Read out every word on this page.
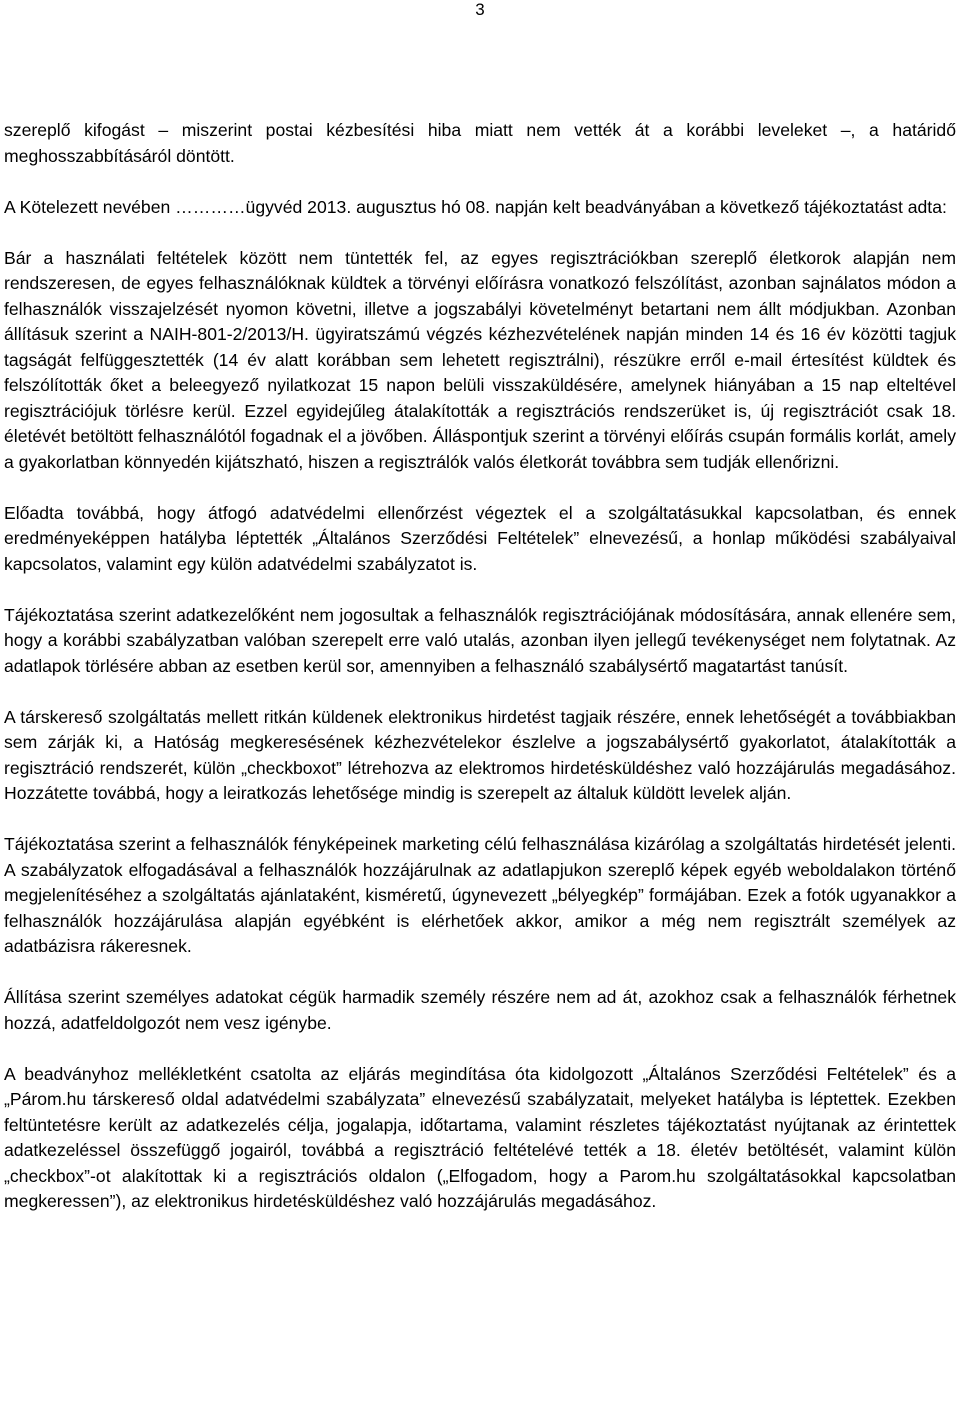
3

szereplő kifogást – miszerint postai kézbesítési hiba miatt nem vették át a korábbi leveleket –, a határidő meghosszabbításáról döntött.

A Kötelezett nevében …………ügyvéd 2013. augusztus hó 08. napján kelt beadványában a következő tájékoztatást adta:

Bár a használati feltételek között nem tüntették fel, az egyes regisztrációkban szereplő életkorok alapján nem rendszeresen, de egyes felhasználóknak küldtek a törvényi előírásra vonatkozó felszólítást, azonban sajnálatos módon a felhasználók visszajelzését nyomon követni, illetve a jogszabályi követelményt betartani nem állt módjukban. Azonban állításuk szerint a NAIH-801-2/2013/H. ügyiratszámú végzés kézhezvételének napján minden 14 és 16 év közötti tagjuk tagságát felfüggesztették (14 év alatt korábban sem lehetett regisztrálni), részükre erről e-mail értesítést küldtek és felszólították őket a beleegyező nyilatkozat 15 napon belüli visszaküldésére, amelynek hiányában a 15 nap elteltével regisztrációjuk törlésre kerül. Ezzel egyidejűleg átalakították a regisztrációs rendszerüket is, új regisztrációt csak 18. életévét betöltött felhasználótól fogadnak el a jövőben. Álláspontjuk szerint a törvényi előírás csupán formális korlát, amely a gyakorlatban könnyedén kijátszható, hiszen a regisztrálók valós életkorát továbbra sem tudják ellenőrizni.

Előadta továbbá, hogy átfogó adatvédelmi ellenőrzést végeztek el a szolgáltatásukkal kapcsolatban, és ennek eredményeképpen hatályba léptették „Általános Szerződési Feltételek” elnevezésű, a honlap működési szabályaival kapcsolatos, valamint egy külön adatvédelmi szabályzatot is.

Tájékoztatása szerint adatkezelőként nem jogosultak a felhasználók regisztrációjának módosítására, annak ellenére sem, hogy a korábbi szabályzatban valóban szerepelt erre való utalás, azonban ilyen jellegű tevékenységet nem folytatnak. Az adatlapok törlésére abban az esetben kerül sor, amennyiben a felhasználó szabálysértő magatartást tanúsít.

A társkereső szolgáltatás mellett ritkán küldenek elektronikus hirdetést tagjaik részére, ennek lehetőségét a továbbiakban sem zárják ki, a Hatóság megkeresésének kézhezvételekor észlelve a jogszabálysértő gyakorlatot, átalakították a regisztráció rendszerét, külön „checkboxot” létrehozva az elektromos hirdetésküldéshez való hozzájárulás megadásához. Hozzátette továbbá, hogy a leiratkozás lehetősége mindig is szerepelt az általuk küldött levelek alján.

Tájékoztatása szerint a felhasználók fényképeinek marketing célú felhasználása kizárólag a szolgáltatás hirdetését jelenti. A szabályzatok elfogadásával a felhasználók hozzájárulnak az adatlapjukon szereplő képek egyéb weboldalakon történő megjelenítéséhez a szolgáltatás ajánlataként, kisméretű, úgynevezett „bélyegkép” formájában. Ezek a fotók ugyanakkor a felhasználók hozzájárulása alapján egyébként is elérhetőek akkor, amikor a még nem regisztrált személyek az adatbázisra rákeresnek.

Állítása szerint személyes adatokat cégük harmadik személy részére nem ad át, azokhoz csak a felhasználók férhetnek hozzá, adatfeldolgozót nem vesz igénybe.

A beadványhoz mellékletként csatolta az eljárás megindítása óta kidolgozott „Általános Szerződési Feltételek” és a „Párom.hu társkereső oldal adatvédelmi szabályzata” elnevezésű szabályzatait, melyeket hatályba is léptettek. Ezekben feltüntetésre került az adatkezelés célja, jogalapja, időtartama, valamint részletes tájékoztatást nyújtanak az érintettek adatkezeléssel összefüggő jogairól, továbbá a regisztráció feltételévé tették a 18. életév betöltését, valamint külön „checkbox”-ot alakítottak ki a regisztrációs oldalon („Elfogadom, hogy a Parom.hu szolgáltatásokkal kapcsolatban megkeressen”), az elektronikus hirdetésküldéshez való hozzájárulás megadásához.
